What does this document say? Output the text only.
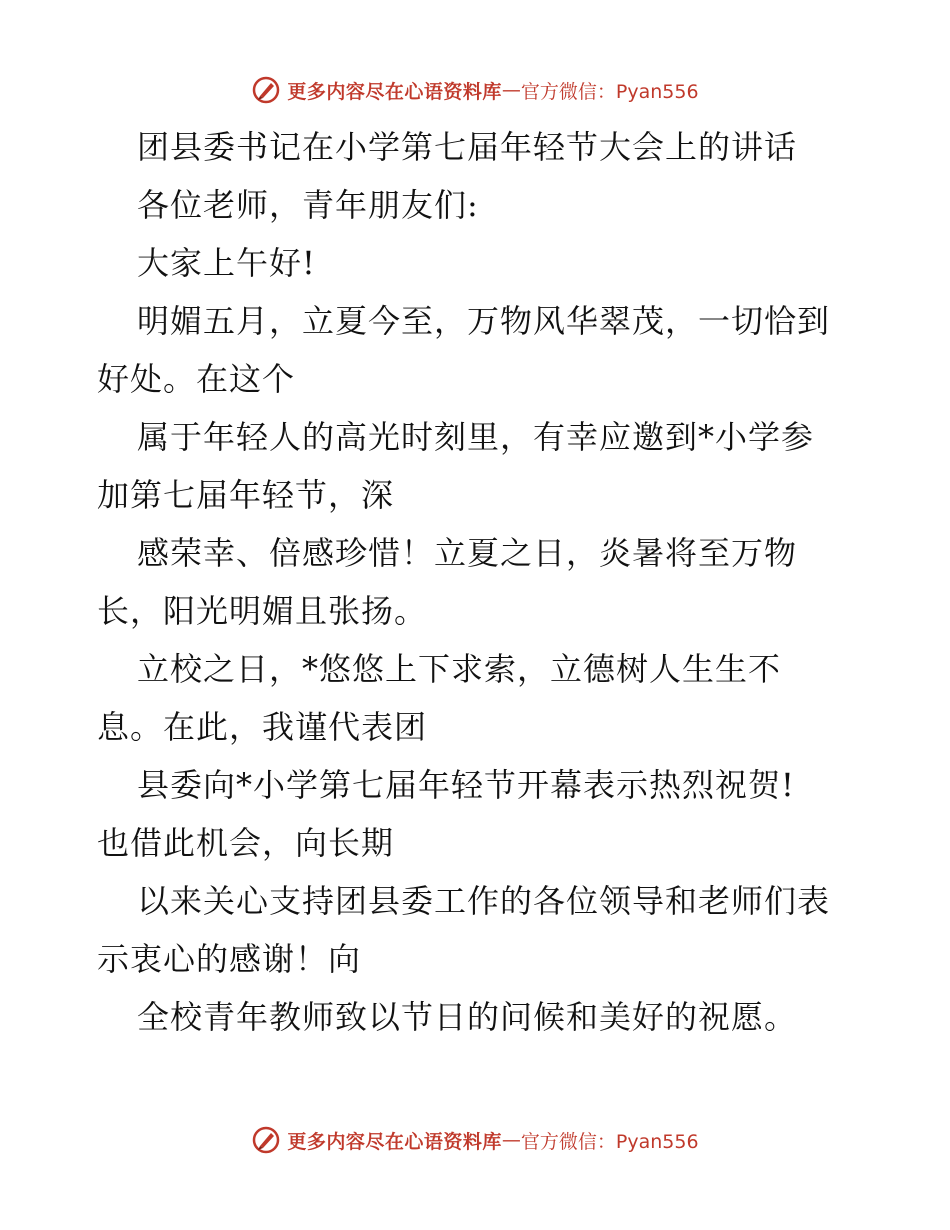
更多内容尽在心语资料库 — 官方微信：Pyan556
团县委书记在小学第七届年轻节大会上的讲话
各位老师，青年朋友们:
大家上午好!
明媚五月，立夏今至，万物风华翠茂，一切恰到
好处。在这个
属于年轻人的高光时刻里，有幸应邀到*小学参
加第七届年轻节，深
感荣幸、倍感珍惜！立夏之日，炎暑将至万物
长，阳光明媚且张扬。
立校之日，*悠悠上下求索，立德树人生生不
息。在此，我谨代表团
县委向*小学第七届年轻节开幕表示热烈祝贺!
也借此机会，向长期
以来关心支持团县委工作的各位领导和老师们表
示衷心的感谢！向
全校青年教师致以节日的问候和美好的祝愿。
更多内容尽在心语资料库 — 官方微信：Pyan556
